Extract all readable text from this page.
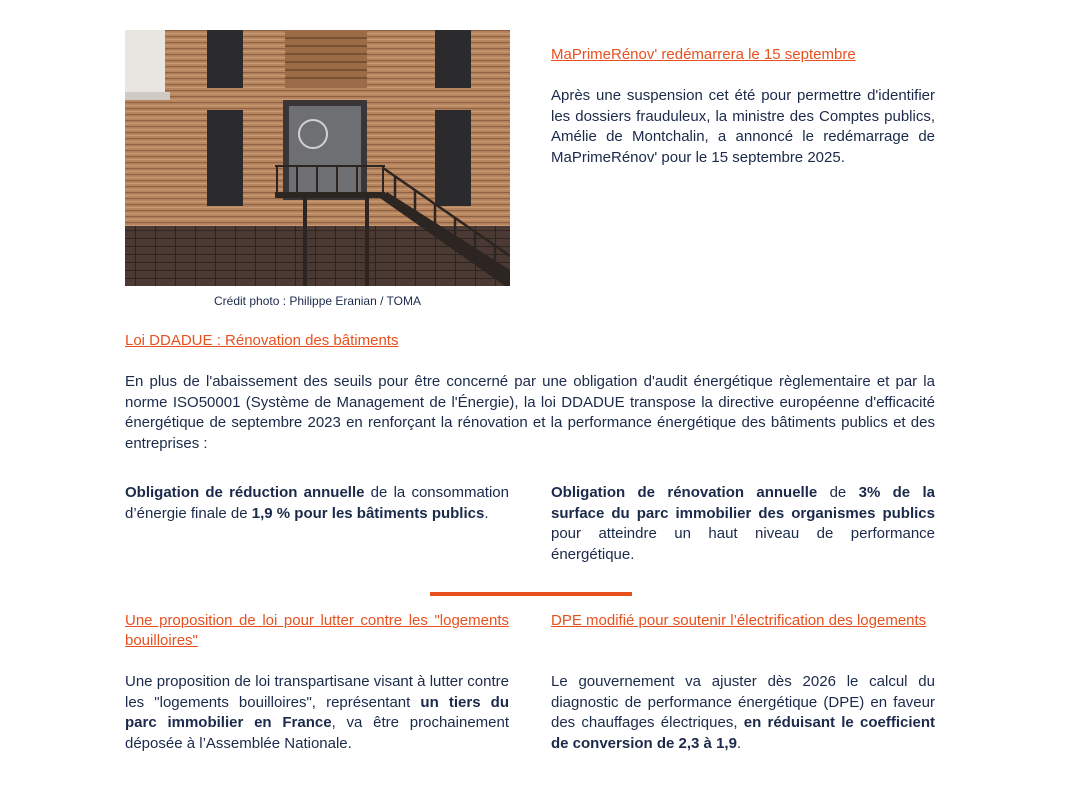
Crédit photo : Philippe Eranian / TOMA
MaPrimeRénov' redémarrera le 15 septembre
Après une suspension cet été pour permettre d'identifier les dossiers frauduleux, la ministre des Comptes publics, Amélie de Montchalin, a annoncé le redémarrage de MaPrimeRénov' pour le 15 septembre 2025.
Loi DDADUE : Rénovation des bâtiments
En plus de l'abaissement des seuils pour être concerné par une obligation d'audit énergétique règlementaire et par la norme ISO50001 (Système de Management de l'Énergie), la loi DDADUE transpose la directive européenne d'efficacité énergétique de septembre 2023 en renforçant la rénovation et la performance énergétique des bâtiments publics et des entreprises :
Obligation de réduction annuelle de la consommation d’énergie finale de 1,9 % pour les bâtiments publics.
Obligation de rénovation annuelle de 3% de la surface du parc immobilier des organismes publics pour atteindre un haut niveau de performance énergétique.
Une proposition de loi pour lutter contre les "logements bouilloires"
Une proposition de loi transpartisane visant à lutter contre les "logements bouilloires", représentant un tiers du parc immobilier en France, va être prochainement déposée à l’Assemblée Nationale.
DPE modifié pour soutenir l’électrification des logements
Le gouvernement va ajuster dès 2026 le calcul du diagnostic de performance énergétique (DPE) en faveur des chauffages électriques, en réduisant le coefficient de conversion de 2,3 à 1,9.
